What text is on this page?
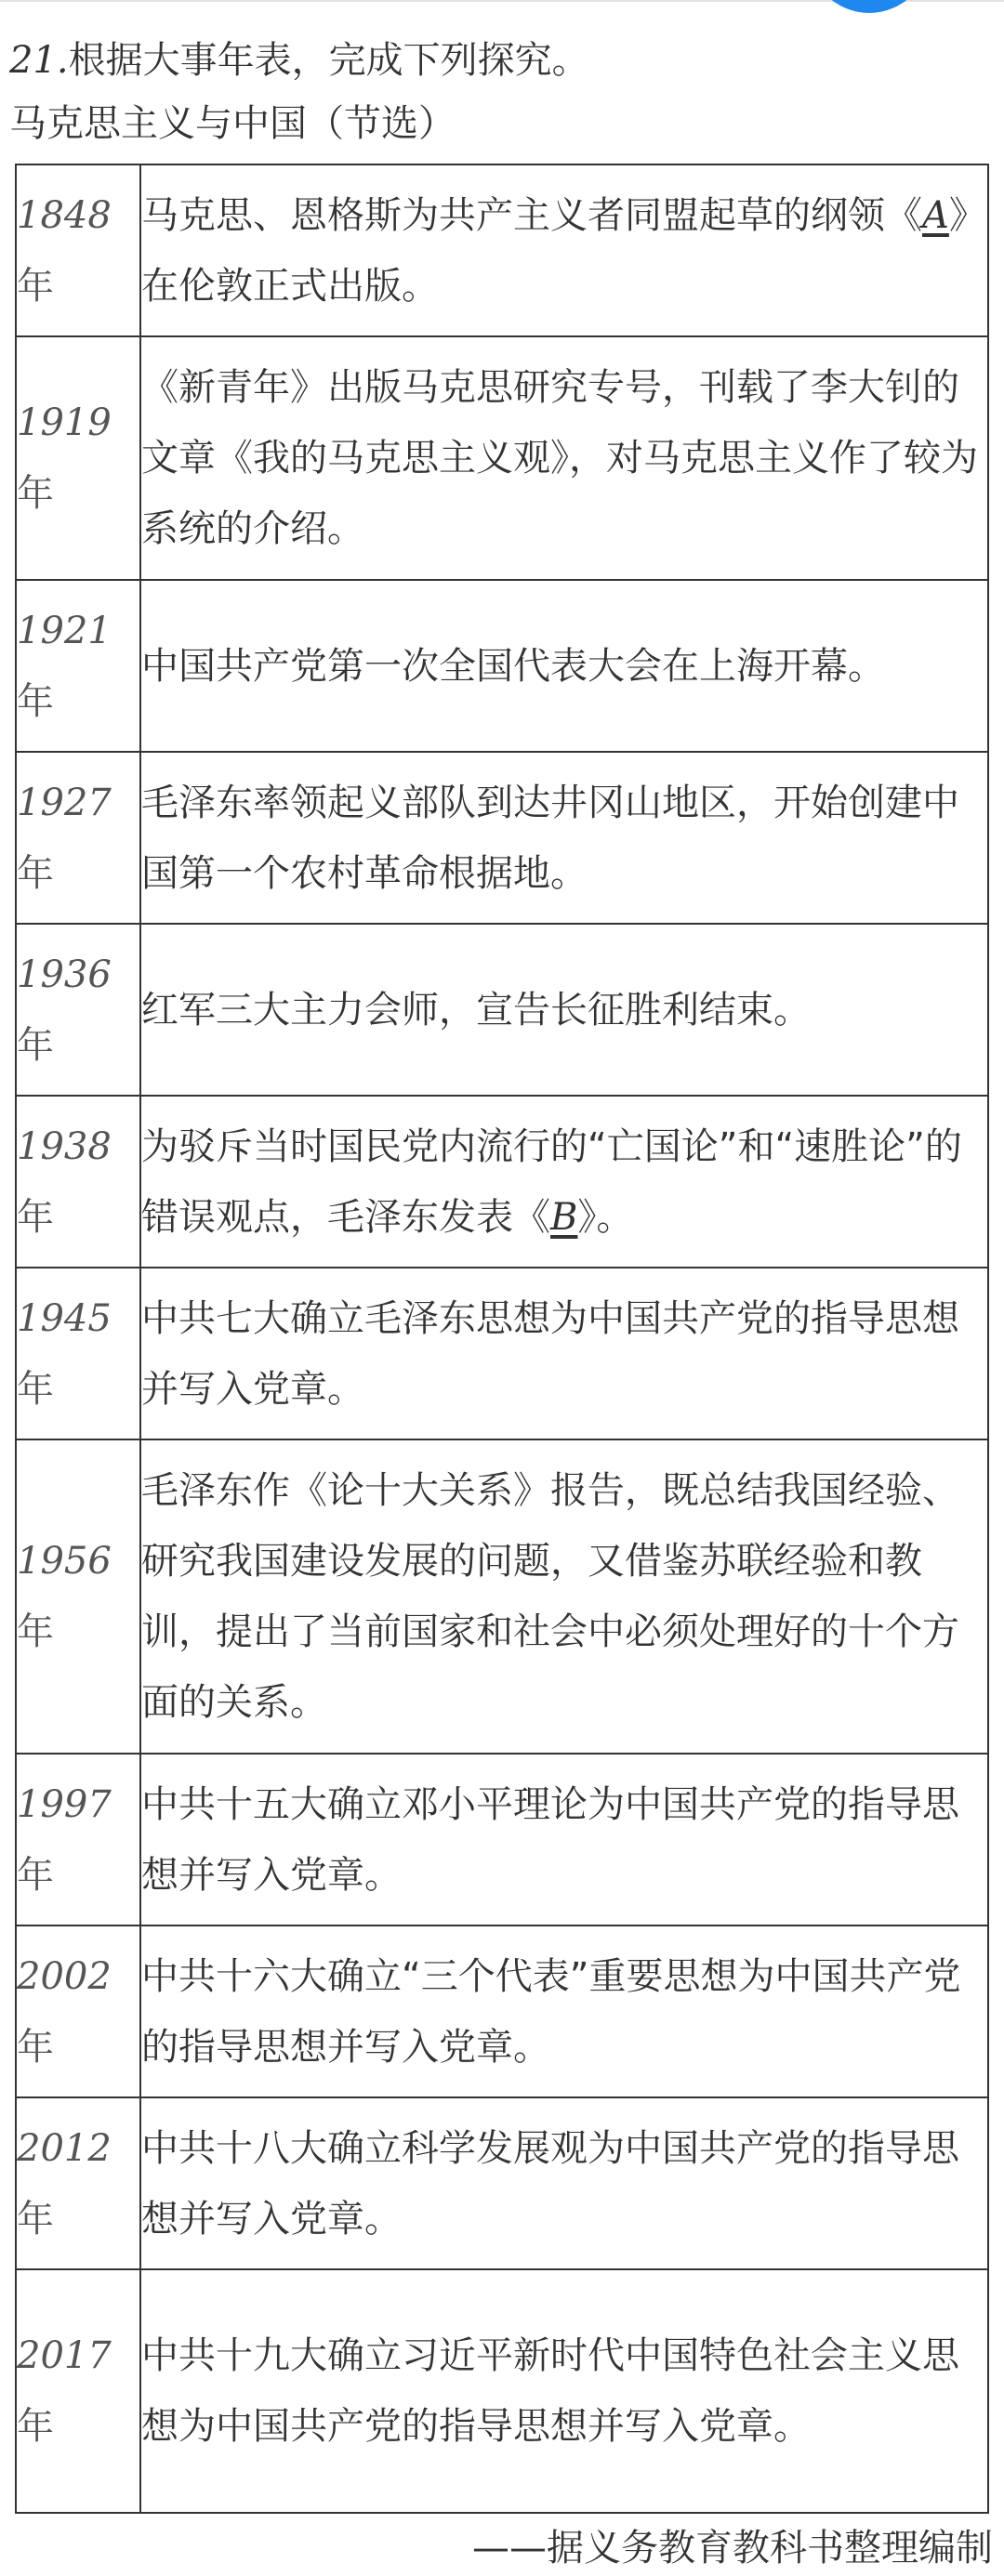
21.根据大事年表，完成下列探究。
马克思主义与中国（节选）
1848
年	马克思、恩格斯为共产主义者同盟起草的纲领《A》在伦敦正式出版。

1919
年	《新青年》出版马克思研究专号，刊载了李大钊的文章《我的马克思主义观》，对马克思主义作了较为系统的介绍。

1921
年	中国共产党第一次全国代表大会在上海开幕。

1927
年	毛泽东率领起义部队到达井冈山地区，开始创建中国第一个农村革命根据地。

1936
年	红军三大主力会师，宣告长征胜利结束。

1938
年	为驳斥当时国民党内流行的“亡国论”和“速胜论”的错误观点，毛泽东发表《B》。

1945
年	中共七大确立毛泽东思想为中国共产党的指导思想并写入党章。

1956
年	毛泽东作《论十大关系》报告，既总结我国经验、研究我国建设发展的问题，又借鉴苏联经验和教训，提出了当前国家和社会中必须处理好的十个方面的关系。

1997
年	中共十五大确立邓小平理论为中国共产党的指导思想并写入党章。

2002
年	中共十六大确立“三个代表”重要思想为中国共产党的指导思想并写入党章。

2012
年	中共十八大确立科学发展观为中国共产党的指导思想并写入党章。

2017
年	中共十九大确立习近平新时代中国特色社会主义思想为中国共产党的指导思想并写入党章。
——据义务教育教科书整理编制
